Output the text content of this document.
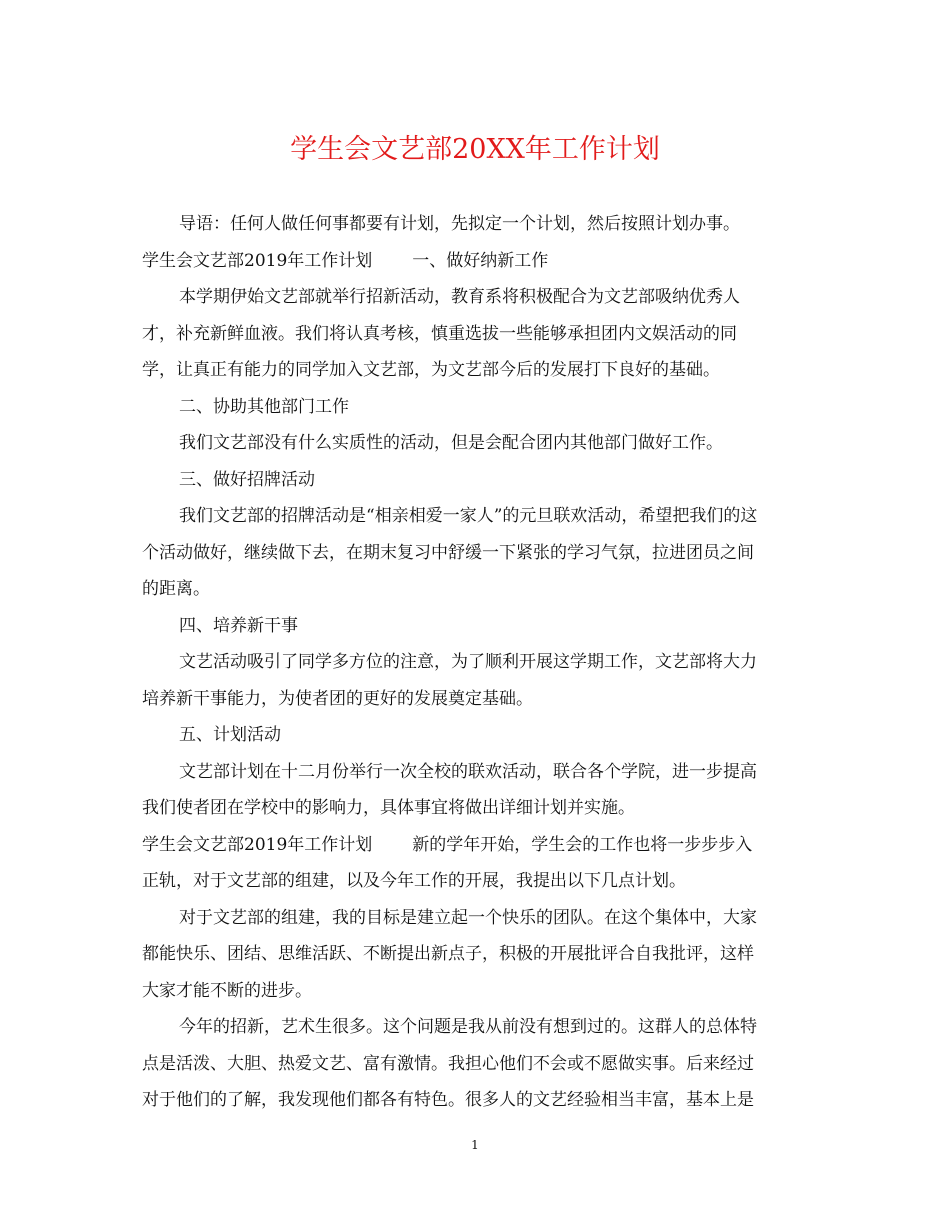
学生会文艺部20XX年工作计划

导语：任何人做任何事都要有计划，先拟定一个计划，然后按照计划办事。

学生会文艺部2019年工作计划 一、做好纳新工作

本学期伊始文艺部就举行招新活动，教育系将积极配合为文艺部吸纳优秀人

才，补充新鲜血液。我们将认真考核，慎重选拔一些能够承担团内文娱活动的同

学，让真正有能力的同学加入文艺部，为文艺部今后的发展打下良好的基础。

二、协助其他部门工作

我们文艺部没有什么实质性的活动，但是会配合团内其他部门做好工作。

三、做好招牌活动

我们文艺部的招牌活动是“相亲相爱一家人”的元旦联欢活动，希望把我们的这

个活动做好，继续做下去，在期末复习中舒缓一下紧张的学习气氛，拉进团员之间

的距离。

四、培养新干事

文艺活动吸引了同学多方位的注意，为了顺利开展这学期工作，文艺部将大力

培养新干事能力，为使者团的更好的发展奠定基础。

五、计划活动

文艺部计划在十二月份举行一次全校的联欢活动，联合各个学院，进一步提高

我们使者团在学校中的影响力，具体事宜将做出详细计划并实施。

学生会文艺部2019年工作计划 新的学年开始，学生会的工作也将一步步步入

正轨，对于文艺部的组建，以及今年工作的开展，我提出以下几点计划。

对于文艺部的组建，我的目标是建立起一个快乐的团队。在这个集体中，大家

都能快乐、团结、思维活跃、不断提出新点子，积极的开展批评合自我批评，这样

大家才能不断的进步。

今年的招新，艺术生很多。这个问题是我从前没有想到过的。这群人的总体特

点是活泼、大胆、热爱文艺、富有激情。我担心他们不会或不愿做实事。后来经过

对于他们的了解，我发现他们都各有特色。很多人的文艺经验相当丰富，基本上是

1
